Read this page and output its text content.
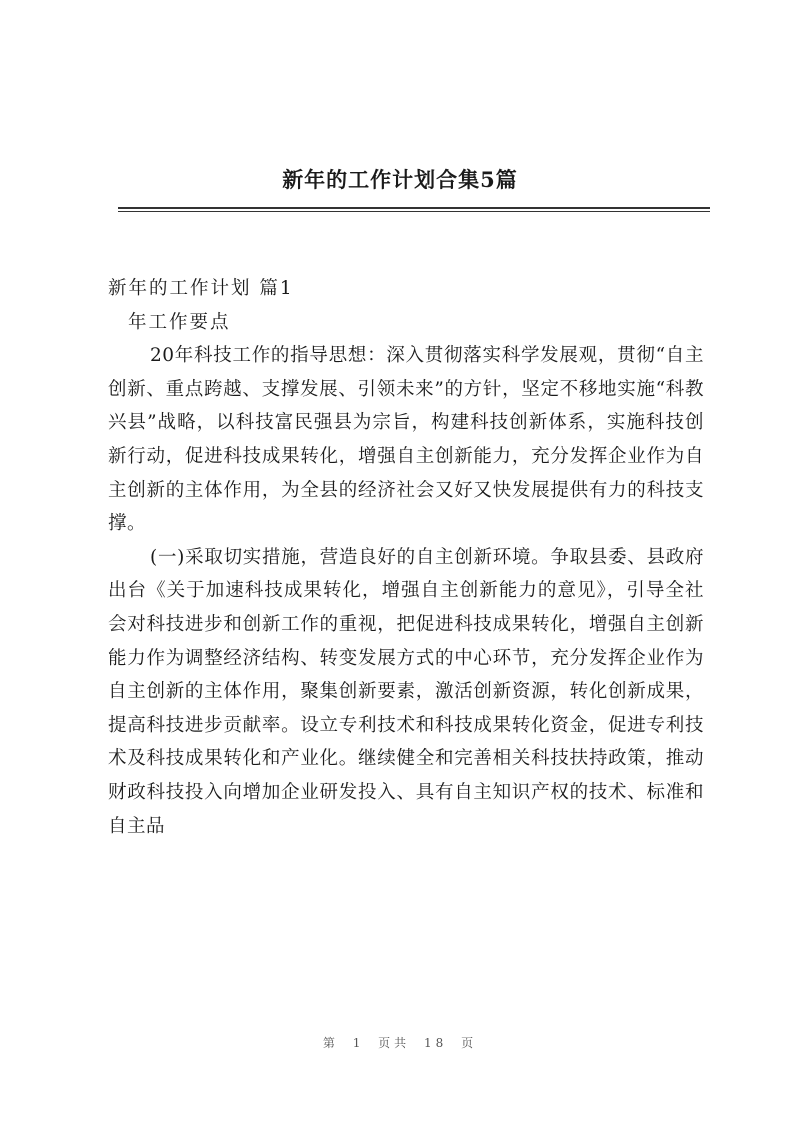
新年的工作计划合集5篇

新年的工作计划 篇1

年工作要点

20年科技工作的指导思想：深入贯彻落实科学发展观，贯彻“自主创新、重点跨越、支撑发展、引领未来”的方针，坚定不移地实施“科教兴县”战略，以科技富民强县为宗旨，构建科技创新体系，实施科技创新行动，促进科技成果转化，增强自主创新能力，充分发挥企业作为自主创新的主体作用，为全县的经济社会又好又快发展提供有力的科技支撑。

(一)采取切实措施，营造良好的自主创新环境。争取县委、县政府出台《关于加速科技成果转化，增强自主创新能力的意见》，引导全社会对科技进步和创新工作的重视，把促进科技成果转化，增强自主创新能力作为调整经济结构、转变发展方式的中心环节，充分发挥企业作为自主创新的主体作用，聚集创新要素，激活创新资源，转化创新成果，提高科技进步贡献率。设立专利技术和科技成果转化资金，促进专利技术及科技成果转化和产业化。继续健全和完善相关科技扶持政策，推动财政科技投入向增加企业研发投入、具有自主知识产权的技术、标准和自主品

第 1 页共 18 页
